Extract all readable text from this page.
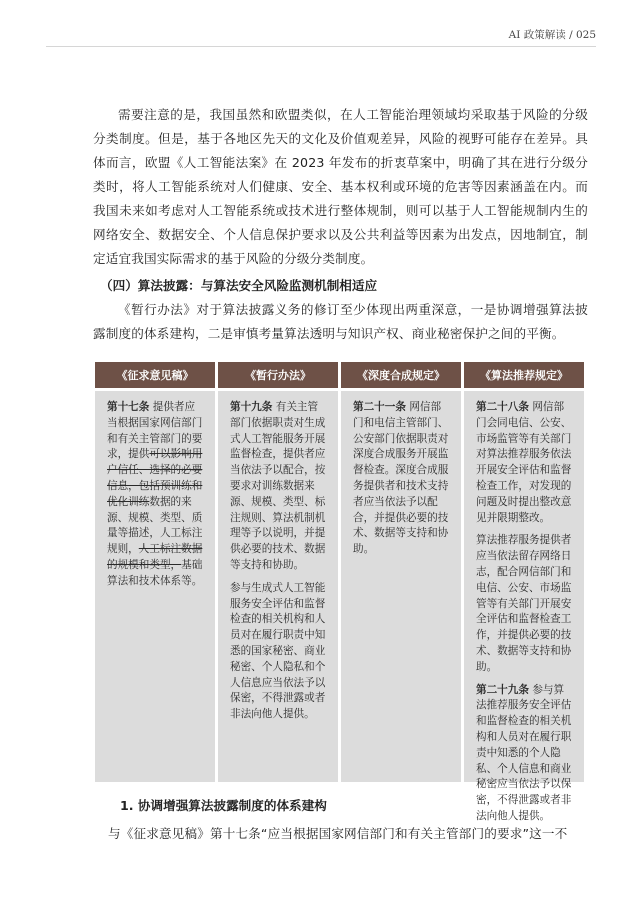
AI 政策解读 / 025

需要注意的是，我国虽然和欧盟类似，在人工智能治理领域均采取基于风险的分级分类制度。但是，基于各地区先天的文化及价值观差异，风险的视野可能存在差异。具体而言，欧盟《人工智能法案》在 2023 年发布的折衷草案中，明确了其在进行分级分类时，将人工智能系统对人们健康、安全、基本权利或环境的危害等因素涵盖在内。而我国未来如考虑对人工智能系统或技术进行整体规制，则可以基于人工智能规制内生的网络安全、数据安全、个人信息保护要求以及公共利益等因素为出发点，因地制宜，制定适宜我国实际需求的基于风险的分级分类制度。

（四）算法披露：与算法安全风险监测机制相适应

《暂行办法》对于算法披露义务的修订至少体现出两重深意，一是协调增强算法披露制度的体系建构，二是审慎考量算法透明与知识产权、商业秘密保护之间的平衡。

《征求意见稿》

第十七条 提供者应当根据国家网信部门和有关主管部门的要求，提供可以影响用户信任、选择的必要信息，包括预训练和优化训练数据的来源、规模、类型、质量等描述，人工标注规则，人工标注数据的规模和类型，基础算法和技术体系等。

《暂行办法》

第十九条 有关主管部门依据职责对生成式人工智能服务开展监督检查，提供者应当依法予以配合，按要求对训练数据来源、规模、类型、标注规则、算法机制机理等予以说明，并提供必要的技术、数据等支持和协助。

参与生成式人工智能服务安全评估和监督检查的相关机构和人员对在履行职责中知悉的国家秘密、商业秘密、个人隐私和个人信息应当依法予以保密，不得泄露或者非法向他人提供。

《深度合成规定》

第二十一条 网信部门和电信主管部门、公安部门依据职责对深度合成服务开展监督检查。深度合成服务提供者和技术支持者应当依法予以配合，并提供必要的技术、数据等支持和协助。

《算法推荐规定》

第二十八条 网信部门会同电信、公安、市场监管等有关部门对算法推荐服务依法开展安全评估和监督检查工作，对发现的问题及时提出整改意见并限期整改。

算法推荐服务提供者应当依法留存网络日志，配合网信部门和电信、公安、市场监管等有关部门开展安全评估和监督检查工作，并提供必要的技术、数据等支持和协助。

第二十九条 参与算法推荐服务安全评估和监督检查的相关机构和人员对在履行职责中知悉的个人隐私、个人信息和商业秘密应当依法予以保密，不得泄露或者非法向他人提供。

1. 协调增强算法披露制度的体系建构

与《征求意见稿》第十七条“应当根据国家网信部门和有关主管部门的要求”这一不
